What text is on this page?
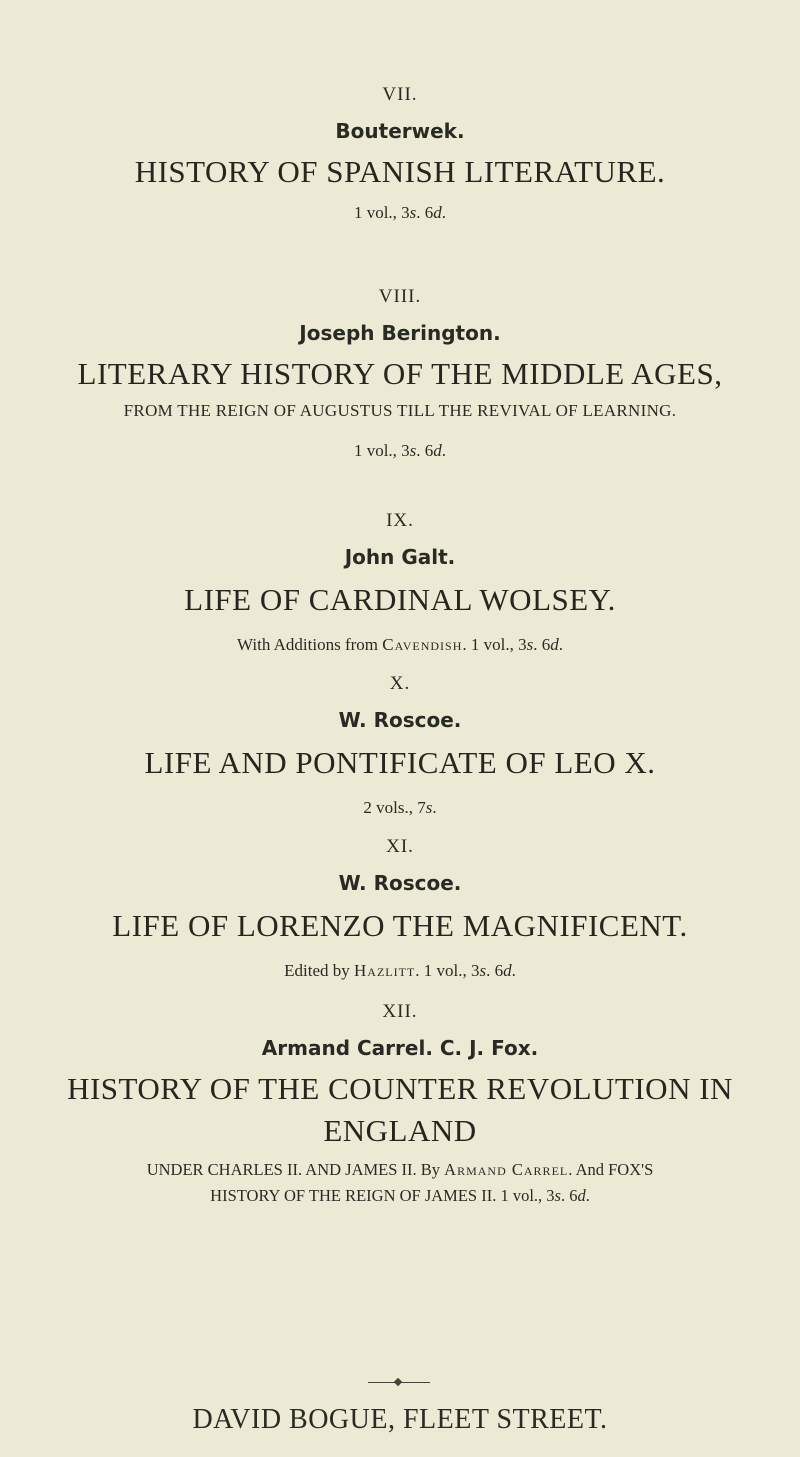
VII.

Bouterwek.

HISTORY OF SPANISH LITERATURE.

1 vol., 3s. 6d.

VIII.

Joseph Berington.

LITERARY HISTORY OF THE MIDDLE AGES,

FROM THE REIGN OF AUGUSTUS TILL THE REVIVAL OF LEARNING.

1 vol., 3s. 6d.

IX.

John Galt.

LIFE OF CARDINAL WOLSEY.

With Additions from Cavendish. 1 vol., 3s. 6d.

X.

W. Roscoe.

LIFE AND PONTIFICATE OF LEO X.

2 vols., 7s.

XI.

W. Roscoe.

LIFE OF LORENZO THE MAGNIFICENT.

Edited by Hazlitt. 1 vol., 3s. 6d.

XII.

Armand Carrel. C. J. Fox.

HISTORY OF THE COUNTER REVOLUTION IN

ENGLAND

UNDER CHARLES II. AND JAMES II. By Armand Carrel. And FOX'S

HISTORY OF THE REIGN OF JAMES II. 1 vol., 3s. 6d.

DAVID BOGUE, FLEET STREET.
